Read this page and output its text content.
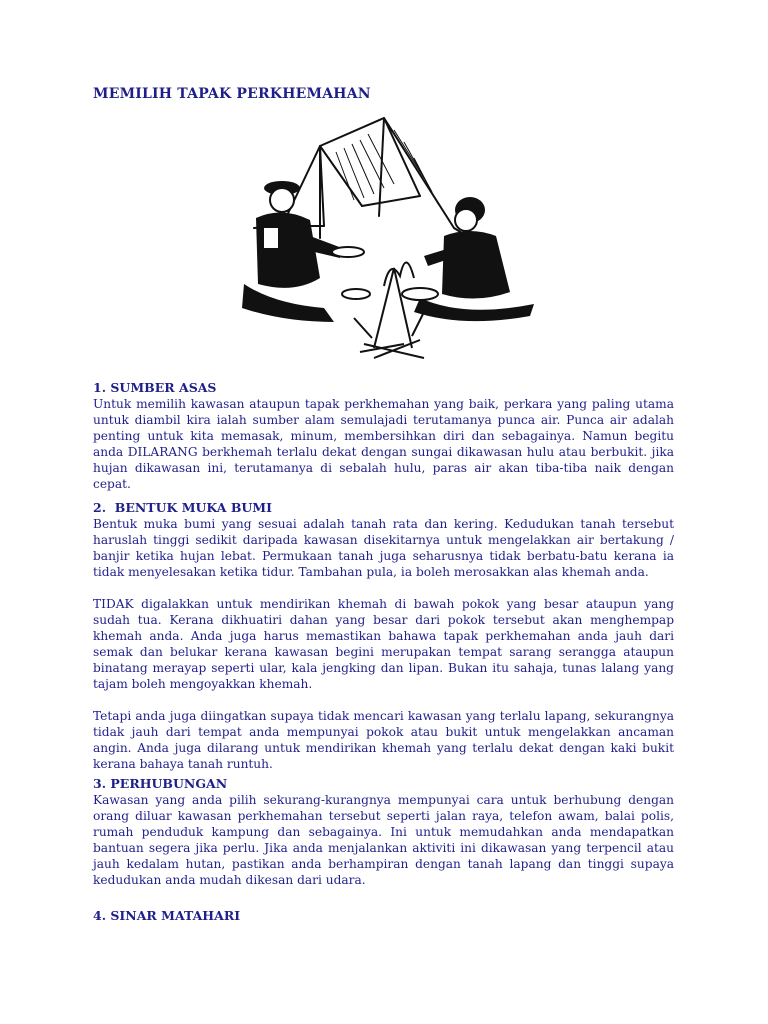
MEMILIH TAPAK PERKHEMAHAN
1. SUMBER ASAS

Untuk memilih kawasan ataupun tapak perkhemahan yang baik, perkara yang paling utama untuk diambil kira ialah sumber alam semulajadi terutamanya punca air. Punca air adalah penting untuk kita memasak, minum, membersihkan diri dan sebagainya. Namun begitu anda DILARANG berkhemah terlalu dekat dengan sungai dikawasan hulu atau berbukit. jika hujan dikawasan ini, terutamanya di sebalah hulu, paras air akan tiba-tiba naik dengan cepat.

2.  BENTUK MUKA BUMI

Bentuk muka bumi yang sesuai adalah tanah rata dan kering. Kedudukan tanah tersebut haruslah tinggi sedikit daripada kawasan disekitarnya untuk mengelakkan air bertakung / banjir ketika hujan lebat. Permukaan tanah juga seharusnya tidak berbatu-batu kerana ia tidak menyelesakan ketika tidur. Tambahan pula, ia boleh merosakkan alas khemah anda.

TIDAK digalakkan untuk mendirikan khemah di bawah pokok yang besar ataupun yang sudah tua. Kerana dikhuatiri dahan yang besar dari pokok tersebut akan menghempap khemah anda. Anda juga harus memastikan bahawa tapak perkhemahan anda jauh dari semak dan belukar kerana kawasan begini merupakan tempat sarang serangga ataupun binatang merayap seperti ular, kala jengking dan lipan. Bukan itu sahaja, tunas lalang yang tajam boleh mengoyakkan khemah.

Tetapi anda juga diingatkan supaya tidak mencari kawasan yang terlalu lapang, sekurangnya tidak jauh dari tempat anda mempunyai pokok atau bukit untuk mengelakkan ancaman angin. Anda juga dilarang untuk mendirikan khemah yang terlalu dekat dengan kaki bukit kerana bahaya tanah runtuh.

3. PERHUBUNGAN

Kawasan yang anda pilih sekurang-kurangnya mempunyai cara untuk berhubung dengan orang diluar kawasan perkhemahan tersebut seperti jalan raya, telefon awam, balai polis, rumah penduduk kampung dan sebagainya. Ini untuk memudahkan anda mendapatkan bantuan segera jika perlu. Jika anda menjalankan aktiviti ini dikawasan yang terpencil atau jauh kedalam hutan, pastikan anda berhampiran dengan tanah lapang dan tinggi supaya kedudukan anda mudah dikesan dari udara.

4. SINAR MATAHARI
